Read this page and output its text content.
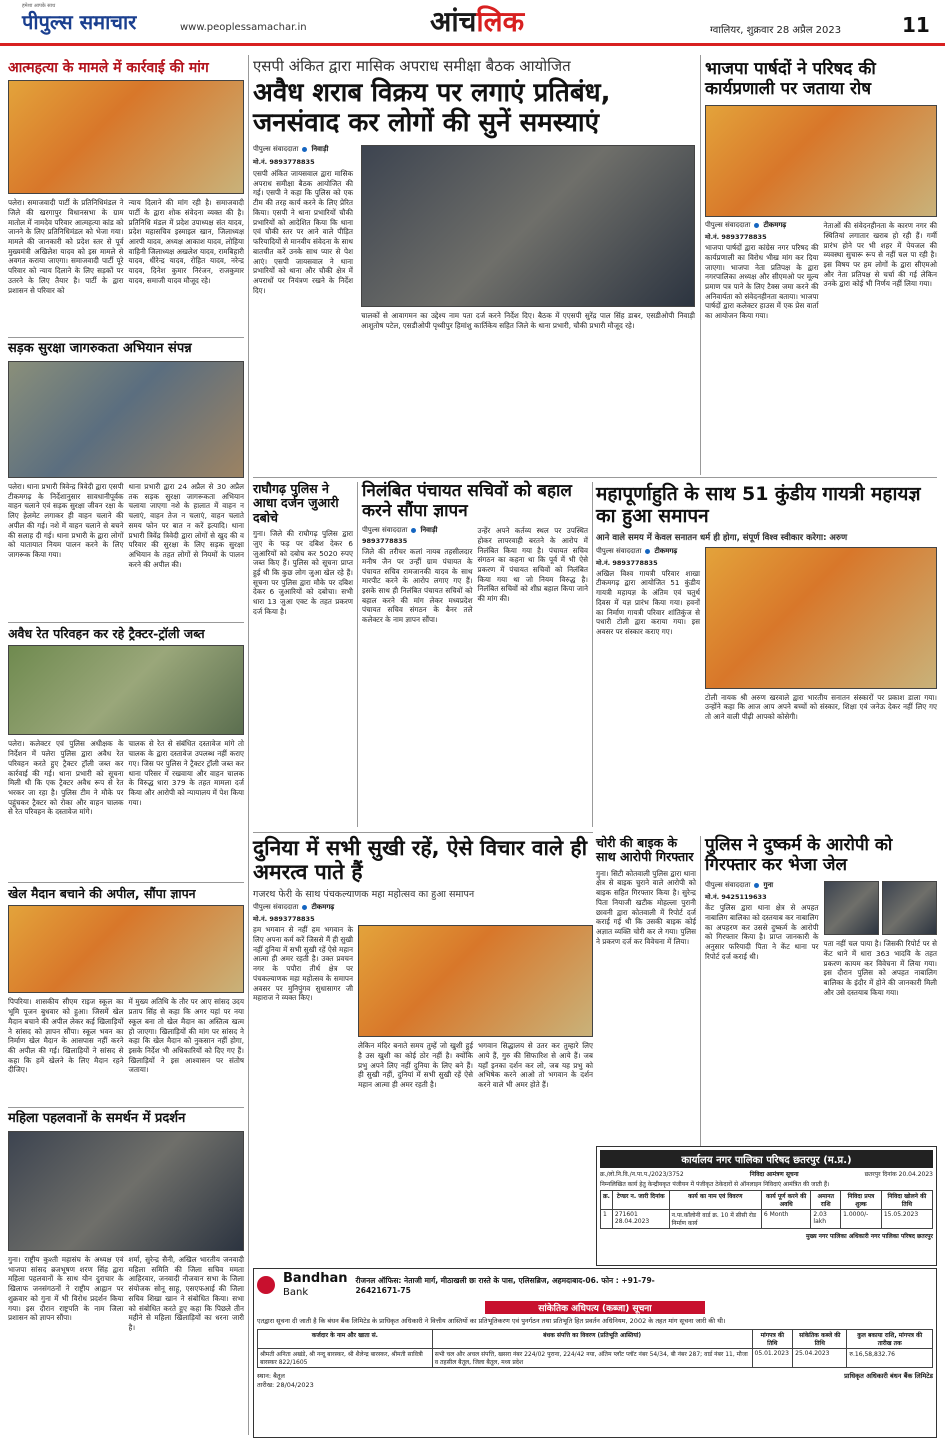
हमेशा आपके साथ
पीपुल्स समाचार	www.peoplessamachar.in	आंचलिक	ग्वालियर, शुक्रवार 28 अप्रैल 2023	11
आत्महत्या के मामले में कार्रवाई की मांग
पलेरा। समाजवादी पार्टी के प्रतिनिधिमंडल ने जिले की खरगापुर विधानसभा के ग्राम मातोल में नामदेव परिवार आत्महत्या कांड को जानने के लिए प्रतिनिधिमंडल को भेजा गया। मामले की जानकारी को प्रदेश स्तर से पूर्व मुख्यमंत्री अखिलेश यादव को इस मामले से अवगत कराया जाएगा। समाजवादी पार्टी पूरे परिवार को न्याय दिलाने के लिए सड़कों पर उतरने के लिए तैयार है। पार्टी के द्वारा प्रशासन से परिवार को
न्याय दिलाने की मांग रही है। समाजवादी पार्टी के द्वारा शोक संवेदना व्यक्त की है। प्रतिनिधि मंडल में प्रदेश उपाध्यक्ष संत यादव, प्रदेश महासचिव इस्माइल खान, जिलाध्यक्ष आरपी यादव, अध्यक्ष आकाश यादव, लोहिया वाहिनी जिलाध्यक्ष अखलेश यादव, रामबिहारी यादव, धीरेन्द्र यादव, रोहित यादव, नरेन्द्र यादव, दिनेश कुमार निरंजन, राजकुमार यादव, समाजी यादव मौजूद रहे।
सड़क सुरक्षा जागरुकता अभियान संपन्न
पलेरा। थाना प्रभारी त्रिवेन्द्र त्रिवेदी द्वारा एसपी टीकमगढ़ के निर्देशानुसार सावधानीपूर्वक वाहन चलाने एवं सड़क सुरक्षा जीवन रक्षा के लिए हेलमेट लगाकर ही वाहन चलाने की अपील की गई। नशे में वाहन चलाने से बचने की सलाह दी गई। थाना प्रभारी के द्वारा लोगों को यातायात नियम पालन करने के लिए जागरूक किया गया।
थाना प्रभारी द्वारा 24 अप्रैल से 30 अप्रैल तक सड़क सुरक्षा जागरूकता अभियान चलाया जाएगा नशे के हालात में वाहन न चलाएं, वाहन तेज न चलाएं, वाहन चलाते समय फोन पर बात न करें इत्यादि। थाना प्रभारी त्रिवेंद्र त्रिवेदी द्वारा लोगों से खुद की व परिवार की सुरक्षा के लिए सड़क सुरक्षा अभियान के तहत लोगों से नियमों के पालन करने की अपील की।
अवैध रेत परिवहन कर रहे ट्रैक्टर-ट्रॉली जब्त
पलेरा। कलेक्टर एवं पुलिस अधीक्षक के निर्देशन में पलेरा पुलिस द्वारा अवैध रेत परिवहन करते हुए ट्रैक्टर ट्रॉली जब्त कर कार्रवाई की गई। थाना प्रभारी को सूचना मिली थी कि एक ट्रैक्टर अवैध रूप से रेत भरकर जा रहा है। पुलिस टीम ने मौके पर पहुंचकर ट्रैक्टर को रोका और वाहन चालक से रेत परिवहन के दस्तावेज मांगे।
चालक से रेत से संबंधित दस्तावेज मांगे तो चालक के द्वारा दस्तावेज उपलब्ध नहीं कराए गए। जिस पर पुलिस ने ट्रैक्टर ट्रॉली जब्त कर थाना परिसर में रखवाया और वाहन चालक के विरुद्ध धारा 379 के तहत मामला दर्ज किया और आरोपी को न्यायालय में पेश किया गया।
खेल मैदान बचाने की अपील, सौंपा ज्ञापन
पिपरिया। शासकीय सीएम राइज स्कूल का भूमि पूजन बुधवार को हुआ। जिसमें खेल मैदान बचाने की अपील लेकर कई खिलाड़ियों ने सांसद को ज्ञापन सौंपा। स्कूल भवन का निर्माण खेल मैदान के आसपास नहीं करने की अपील की गई। खिलाड़ियों ने सांसद से कहा कि हमें खेलने के लिए मैदान रहने दीजिए।
में मुख्य अतिथि के तौर पर आए सांसद उदय प्रताप सिंह से कहा कि अगर यहां पर नया स्कूल बना तो खेल मैदान का अस्तित्व खत्म हो जाएगा। खिलाड़ियों की मांग पर सांसद ने कहा कि खेल मैदान को नुकसान नहीं होगा, इसके निर्देश भी अधिकारियों को दिए गए हैं। खिलाड़ियों ने इस आश्वासन पर संतोष जताया।
महिला पहलवानों के समर्थन में प्रदर्शन
गुना। राष्ट्रीय कुश्ती महासंघ के अध्यक्ष एवं भाजपा सांसद ब्रजभूषण शरण सिंह द्वारा महिला पहलवानों के साथ यौन दुराचार के खिलाफ जनसंगठनों ने राष्ट्रीय आह्वान पर शुक्रवार को गुना में भी विरोध प्रदर्शन किया गया। इस दौरान राष्ट्रपति के नाम जिला प्रशासन को ज्ञापन सौंपा।
शर्मा, सुरेन्द्र सैनी, अखिल भारतीय जनवादी महिला समिति की जिला सचिव ममता आहिरवार, जनवादी नौजवान सभा के जिला संयोजक सोनू साहू, एसएफआई की जिला सचिव शिखा खान ने संबोधित किया। सभा को संबोधित करते हुए कहा कि पिछले तीन महीने से महिला खिलाड़ियों का धरना जारी है।
एसपी अंकित द्वारा मासिक अपराध समीक्षा बैठक आयोजित
अवैध शराब विक्रय पर लगाएं प्रतिबंध, जनसंवाद कर लोगों की सुनें समस्याएं
पीपुल्स संवाददाता निवाड़ी
मो.नं. 9893778835
एसपी अंकित जायसवाल द्वारा मासिक अपराध समीक्षा बैठक आयोजित की गई। एसपी ने कहा कि पुलिस को एक टीम की तरह कार्य करने के लिए प्रेरित किया। एसपी ने थाना प्रभारियों चौकी प्रभारियों को आदेशित किया कि थाना एवं चौकी स्तर पर आने वाले पीड़ित फरियादियों से मानवीय संवेदना के साथ बातचीत करें उनके साथ प्यार से पेश आएं। एसपी जायसवाल ने थाना प्रभारियों को थाना और चौकी क्षेत्र में अपराधों पर नियंत्रण रखने के निर्देश दिए।
चालकों से आवागमन का उद्देश्य नाम पता दर्ज करने निर्देश दिए। बैठक में एएसपी सुरेंद्र पाल सिंह डाबर, एसडीओपी निवाड़ी आशुतोष पटेल, एसडीओपी पृथ्वीपुर हिमांशु कार्तिकेय सहित जिले के थाना प्रभारी, चौकी प्रभारी मौजूद रहे।
भाजपा पार्षदों ने परिषद की कार्यप्रणाली पर जताया रोष
पीपुल्स संवाददाता टीकमगढ़
मो.नं. 9893778835
भाजपा पार्षदों द्वारा कांग्रेस नगर परिषद की कार्यप्रणाली का विरोध भीख मांग कर दिया जाएगा। भाजपा नेता प्रतिपक्ष के द्वारा नगरपालिका अध्यक्ष और सीएमओ पर मूल्य प्रमाण पत्र पाने के लिए टैक्स जमा करने की अनिवार्यता को संवेदनहीनता बताया। भाजपा पार्षदों द्वारा कलेक्टर हाउस में एक प्रेस वार्ता का आयोजन किया गया।
नेताओं की संवेदनहीनता के कारण नगर की स्थितियां लगातार खराब हो रही हैं। गर्मी प्रारंभ होने पर भी शहर में पेयजल की व्यवस्था सुचारू रूप से नहीं चल पा रही है। इस विषय पर हम लोगों के द्वारा सीएमओ और नेता प्रतिपक्ष से चर्चा की गई लेकिन उनके द्वारा कोई भी निर्णय नहीं लिया गया।
राघौगढ़ पुलिस ने आधा दर्जन जुआरी दबोचे
गुना। जिले की राघौगढ़ पुलिस द्वारा जुए के फड़ पर दबिश देकर 6 जुआरियों को दबोच कर 5020 रुपए जब्त किए हैं। पुलिस को सूचना प्राप्त हुई थी कि कुछ लोग जुआ खेल रहे हैं। सूचना पर पुलिस द्वारा मौके पर दबिश देकर 6 जुआरियों को दबोचा। सभी धारा 13 जुआ एक्ट के तहत प्रकरण दर्ज किया है।
निलंबित पंचायत सचिवों को बहाल करने सौंपा ज्ञापन
पीपुल्स संवाददाता निवाड़ी
9893778835
जिले की तरीचर कलां नायब तहसीलदार मनीष जैन पर उन्हीं ग्राम पंचायत के पंचायत सचिव रामजानकी यादव के साथ मारपीट करने के आरोप लगाए गए हैं। इसके साथ ही निलंबित पंचायत सचिवों को बहाल करने की मांग लेकर मध्यप्रदेश पंचायत सचिव संगठन के बैनर तले कलेक्टर के नाम ज्ञापन सौंपा।
उन्हेंर अपने कर्तव्य स्थल पर उपस्थित होकर लापरवाही बरतने के आरोप में निलंबित किया गया है। पंचायत सचिव संगठन का कहना था कि पूर्व में भी ऐसे प्रकरण में पंचायत सचिवों को निलंबित किया गया था जो नियम विरुद्ध है। निलंबित सचिवों को शीघ्र बहाल किया जाने की मांग की।
महापूर्णाहुति के साथ 51 कुंडीय गायत्री महायज्ञ का हुआ समापन
आने वाले समय में केवल सनातन धर्म ही होगा, संपूर्ण विश्व स्वीकार करेगा: अरुण
पीपुल्स संवाददाता टीकमगढ़
मो.नं. 9893778835
अखिल विश्व गायत्री परिवार शाखा टीकमगढ़ द्वारा आयोजित 51 कुंडीय गायत्री महायज्ञ के अंतिम एवं चतुर्थ दिवस में यज्ञ प्रारंभ किया गया। हवनों का निर्माण गायत्री परिवार शांतिकुंज से पधारी टोली द्वारा कराया गया। इस अवसर पर संस्कार कराए गए।
टोली नायक श्री अरुण खरवाले द्वारा भारतीय सनातन संस्कारों पर प्रकाश डाला गया। उन्होंने कहा कि आज आप अपने बच्चों को संस्कार, शिक्षा एवं जनेऊ देकर नहीं लिए गए तो आने वाली पीढ़ी आपको कोसेगी।
दुनिया में सभी सुखी रहें, ऐसे विचार वाले ही अमरत्व पाते हैं
गजरथ फेरी के साथ पंचकल्याणक महा महोत्सव का हुआ समापन
पीपुल्स संवाददाता टीकमगढ़
मो.नं. 9893778835
हम भगवान से नहीं हम भगवान के लिए अपना कर्म करें जिससे मैं ही सुखी नहीं दुनिया में सभी सुखी रहें ऐसे महान आत्मा ही अमर रहती है। उक्त प्रवचन नगर के पपौरा तीर्थ क्षेत्र पर पंचकल्याणक महा महोत्सव के समापन अवसर पर मुनिपुंगव सुधासागर जी महाराज ने व्यक्त किए।
लेकिन मंदिर बनाते समय तुम्हें जो खुशी हुई है उस खुशी का कोई ठोर नहीं है। क्योंकि प्रभु अपने लिए नहीं दुनिया के लिए बने हैं। ही सुखी नहीं, दुनियां में सभी सुखी रहें ऐसे महान आत्मा ही अमर रहती है।
भगवान सिद्धालय से उतर कर तुम्हारे लिए आये हैं, गुरु की सिफारिश से आये हैं। जब यहाँ इनका दर्शन कर लो, जब यह प्रभु को अभिषेक करने आओ तो भगवान के दर्शन करने वाले भी अमर होते हैं।
चोरी की बाइक के साथ आरोपी गिरफ्तार
गुना। सिटी कोतवाली पुलिस द्वारा थाना क्षेत्र से बाइक चुराने वाले आरोपी को बाइक सहित गिरफ्तार किया है। सुरेन्द्र पिता नियाजी खटीक मोहल्ला पुरानी छावनी द्वारा कोतवाली में रिपोर्ट दर्ज कराई गई थी कि उसकी बाइक कोई अज्ञात व्यक्ति चोरी कर ले गया। पुलिस ने प्रकरण दर्ज कर विवेचना में लिया।
पुलिस ने दुष्कर्म के आरोपी को गिरफ्तार कर भेजा जेल
पीपुल्स संवाददाता गुना
मो.नं. 9425119633
केंट पुलिस द्वारा थाना क्षेत्र से अपहत नाबालिग बालिका को दस्तयाब कर नाबालिग का अपहरण कर उससे दुष्कर्म के आरोपी को गिरफ्तार किया है। प्राप्त जानकारी के अनुसार फरियादी पिता ने केंट थाना पर रिपोर्ट दर्ज कराई थी।
पता नहीं चल पाया है। जिसकी रिपोर्ट पर से केंट थाने में धारा 363 भादवि के तहत प्रकरण कायम कर विवेचना में लिया गया। इस दौरान पुलिस को अपहत नाबालिग बालिका के इंदौर में होने की जानकारी मिली और उसे दस्तयाब किया गया।
कार्यालय नगर पालिका परिषद छतरपुर (म.प्र.)
क्र./लो.नि.वि./न.पा.प./2023/3752	निविदा आमंत्रण सूचना	छतरपुर दिनांक 20.04.2023
निम्नलिखित कार्य हेतु केन्द्रीयकृत पंजीयन में पंजीकृत ठेकेदारों से ऑनलाइन निविदाएं आमंत्रित की जाती हैं।
क्र.	टेण्डर न. जारी दिनांक	कार्य का नाम एवं विवरण	कार्य पूर्ण करने की अवधि	अमानत राशि	निविदा प्रपत्र शुल्क	निविदा खोलने की तिथि
1	271601 28.04.2023	न.पा.कॉलोनी वार्ड क्र. 10 में सीसी रोड निर्माण कार्य	6 Month	2.03 lakh	1.0000/-	15.05.2023
मुख्य नगर पालिका अधिकारी नगर पालिका परिषद छतरपुर
Bandhan
Bank
रीजनल ऑफिस: नेताजी मार्ग, मीठाखली छः रास्ते के पास, एलिसब्रिज, अहमदाबाद-06. फोन : +91-79-26421671-75
सांकेतिक अधिपत्य (कब्जा) सूचना
एतद्वारा सूचना दी जाती है कि बंधन बैंक लिमिटेड के प्राधिकृत अधिकारी ने वित्तीय आस्तियों का प्रतिभूतिकरण एवं पुनर्गठन तथा प्रतिभूति हित प्रवर्तन अधिनियम, 2002 के तहत मांग सूचना जारी की थी।
कर्जदार के नाम और खाता सं.	बंधक संपत्ति का विवरण (प्रतिभूति आस्तियां)	मांगपत्र की तिथि	सांकेतिक कब्जे की तिथि	कुल बकाया राशि, मांगपत्र की तारीख तक
श्रीमती अनिता अखंडे, श्री नन्दू बारस्कर, श्री शैलेन्द्र बारस्कर, श्रीमती सावित्री बारस्कर 822/1605	सभी चल और अचल संपत्ति, खसरा नंबर 224/02 पुराना, 224/42 नया, अंतिम प्लॉट प्लॉट नंबर 54/34, बी नंबर 287; वार्ड नंबर 11, मौजा व तहसील बैतूल, जिला बैतूल, मध्य प्रदेश	05.01.2023	25.04.2023	रु.16,58,832.76
स्थान: बैतूल
तारीख: 28/04/2023
प्राधिकृत अधिकारी बंधन बैंक लिमिटेड
